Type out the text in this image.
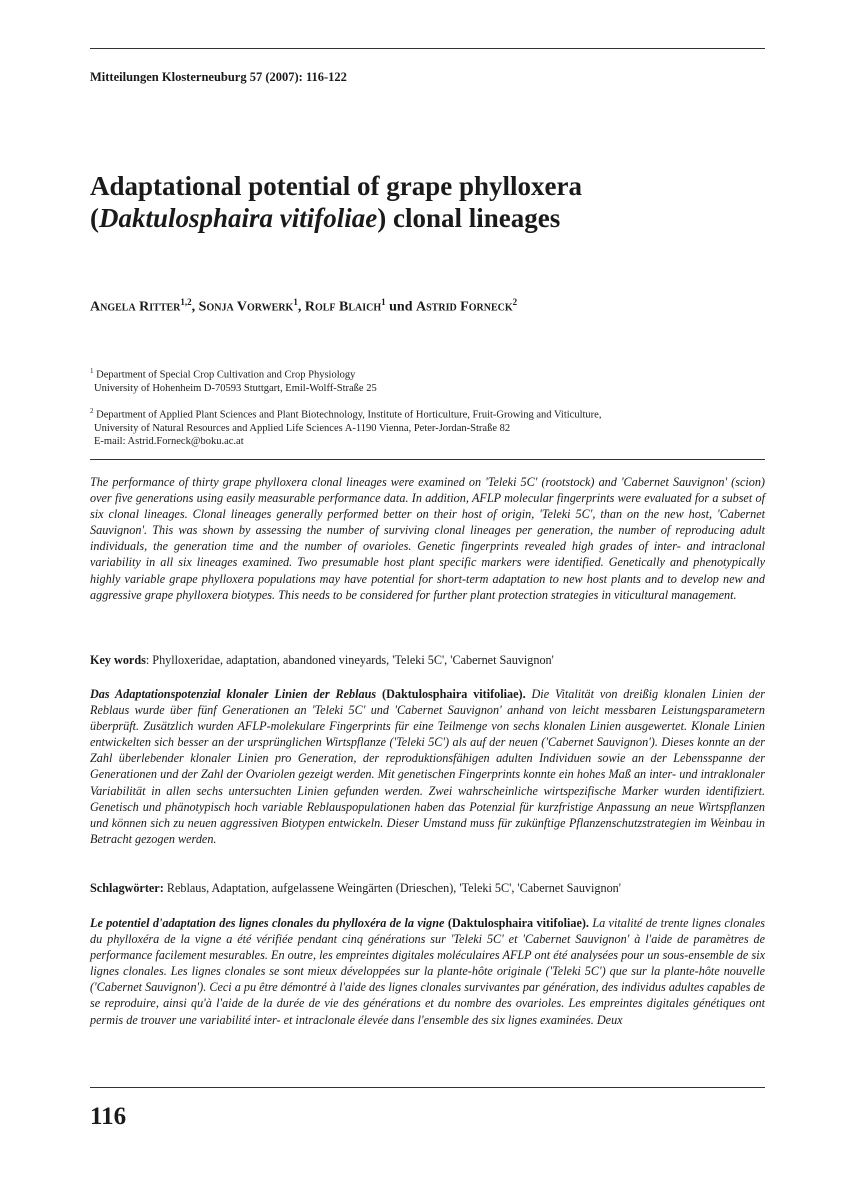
Mitteilungen Klosterneuburg 57 (2007): 116-122
Adaptational potential of grape phylloxera
(Daktulosphaira vitifoliae) clonal lineages
Angela Ritter$^{1,2}$, Sonja Vorwerk$^1$, Rolf Blaich$^1$ und Astrid Forneck$^2$
$^1$ Department of Special Crop Cultivation and Crop Physiology
University of Hohenheim D-70593 Stuttgart, Emil-Wolff-Straße 25
$^2$ Department of Applied Plant Sciences and Plant Biotechnology, Institute of Horticulture, Fruit-Growing and Viticulture,
University of Natural Resources and Applied Life Sciences A-1190 Vienna, Peter-Jordan-Straße 82
E-mail: Astrid.Forneck@boku.ac.at

The performance of thirty grape phylloxera clonal lineages were examined on 'Teleki 5C' (rootstock) and 'Cabernet Sauvignon' (scion) over five generations using easily measurable performance data. In addition, AFLP molecular fingerprints were evaluated for a subset of six clonal lineages. Clonal lineages generally performed better on their host of origin, 'Teleki 5C', than on the new host, 'Cabernet Sauvignon'. This was shown by assessing the number of surviving clonal lineages per generation, the number of reproducing adult individuals, the generation time and the number of ovarioles. Genetic fingerprints revealed high grades of inter- and intraclonal variability in all six lineages examined. Two presumable host plant specific markers were identified. Genetically and phenotypically highly variable grape phylloxera populations may have potential for short-term adaptation to new host plants and to develop new and aggressive grape phylloxera biotypes. This needs to be considered for further plant protection strategies in viticultural management.

Key words: Phylloxeridae, adaptation, abandoned vineyards, 'Teleki 5C', 'Cabernet Sauvignon'

Das Adaptationspotenzial klonaler Linien der Reblaus (Daktulosphaira vitifoliae). Die Vitalität von dreißig klonalen Linien der Reblaus wurde über fünf Generationen an 'Teleki 5C' und 'Cabernet Sauvignon' anhand von leicht messbaren Leistungsparametern überprüft. Zusätzlich wurden AFLP-molekulare Fingerprints für eine Teilmenge von sechs klonalen Linien ausgewertet. Klonale Linien entwickelten sich besser an der ursprünglichen Wirtspflanze ('Teleki 5C') als auf der neuen ('Cabernet Sauvignon'). Dieses konnte an der Zahl überlebender klonaler Linien pro Generation, der reproduktionsfähigen adulten Individuen sowie an der Lebensspanne der Generationen und der Zahl der Ovariolen gezeigt werden. Mit genetischen Fingerprints konnte ein hohes Maß an inter- und intraklonaler Variabilität in allen sechs untersuchten Linien gefunden werden. Zwei wahrscheinliche wirtspezifische Marker wurden identifiziert. Genetisch und phänotypisch hoch variable Reblauspopulationen haben das Potenzial für kurzfristige Anpassung an neue Wirtspflanzen und können sich zu neuen aggressiven Biotypen entwickeln. Dieser Umstand muss für zukünftige Pflanzenschutzstrategien im Weinbau in Betracht gezogen werden.

Schlagwörter: Reblaus, Adaptation, aufgelassene Weingärten (Drieschen), 'Teleki 5C', 'Cabernet Sauvignon'

Le potentiel d'adaptation des lignes clonales du phylloxéra de la vigne (Daktulosphaira vitifoliae). La vitalité de trente lignes clonales du phylloxéra de la vigne a été vérifiée pendant cinq générations sur 'Teleki 5C' et 'Cabernet Sauvignon' à l'aide de paramètres de performance facilement mesurables. En outre, les empreintes digitales moléculaires AFLP ont été analysées pour un sous-ensemble de six lignes clonales. Les lignes clonales se sont mieux développées sur la plante-hôte originale ('Teleki 5C') que sur la plante-hôte nouvelle ('Cabernet Sauvignon'). Ceci a pu être démontré à l'aide des lignes clonales survivantes par génération, des individus adultes capables de se reproduire, ainsi qu'à l'aide de la durée de vie des générations et du nombre des ovarioles. Les empreintes digitales génétiques ont permis de trouver une variabilité inter- et intraclonale élevée dans l'ensemble des six lignes examinées. Deux

116
